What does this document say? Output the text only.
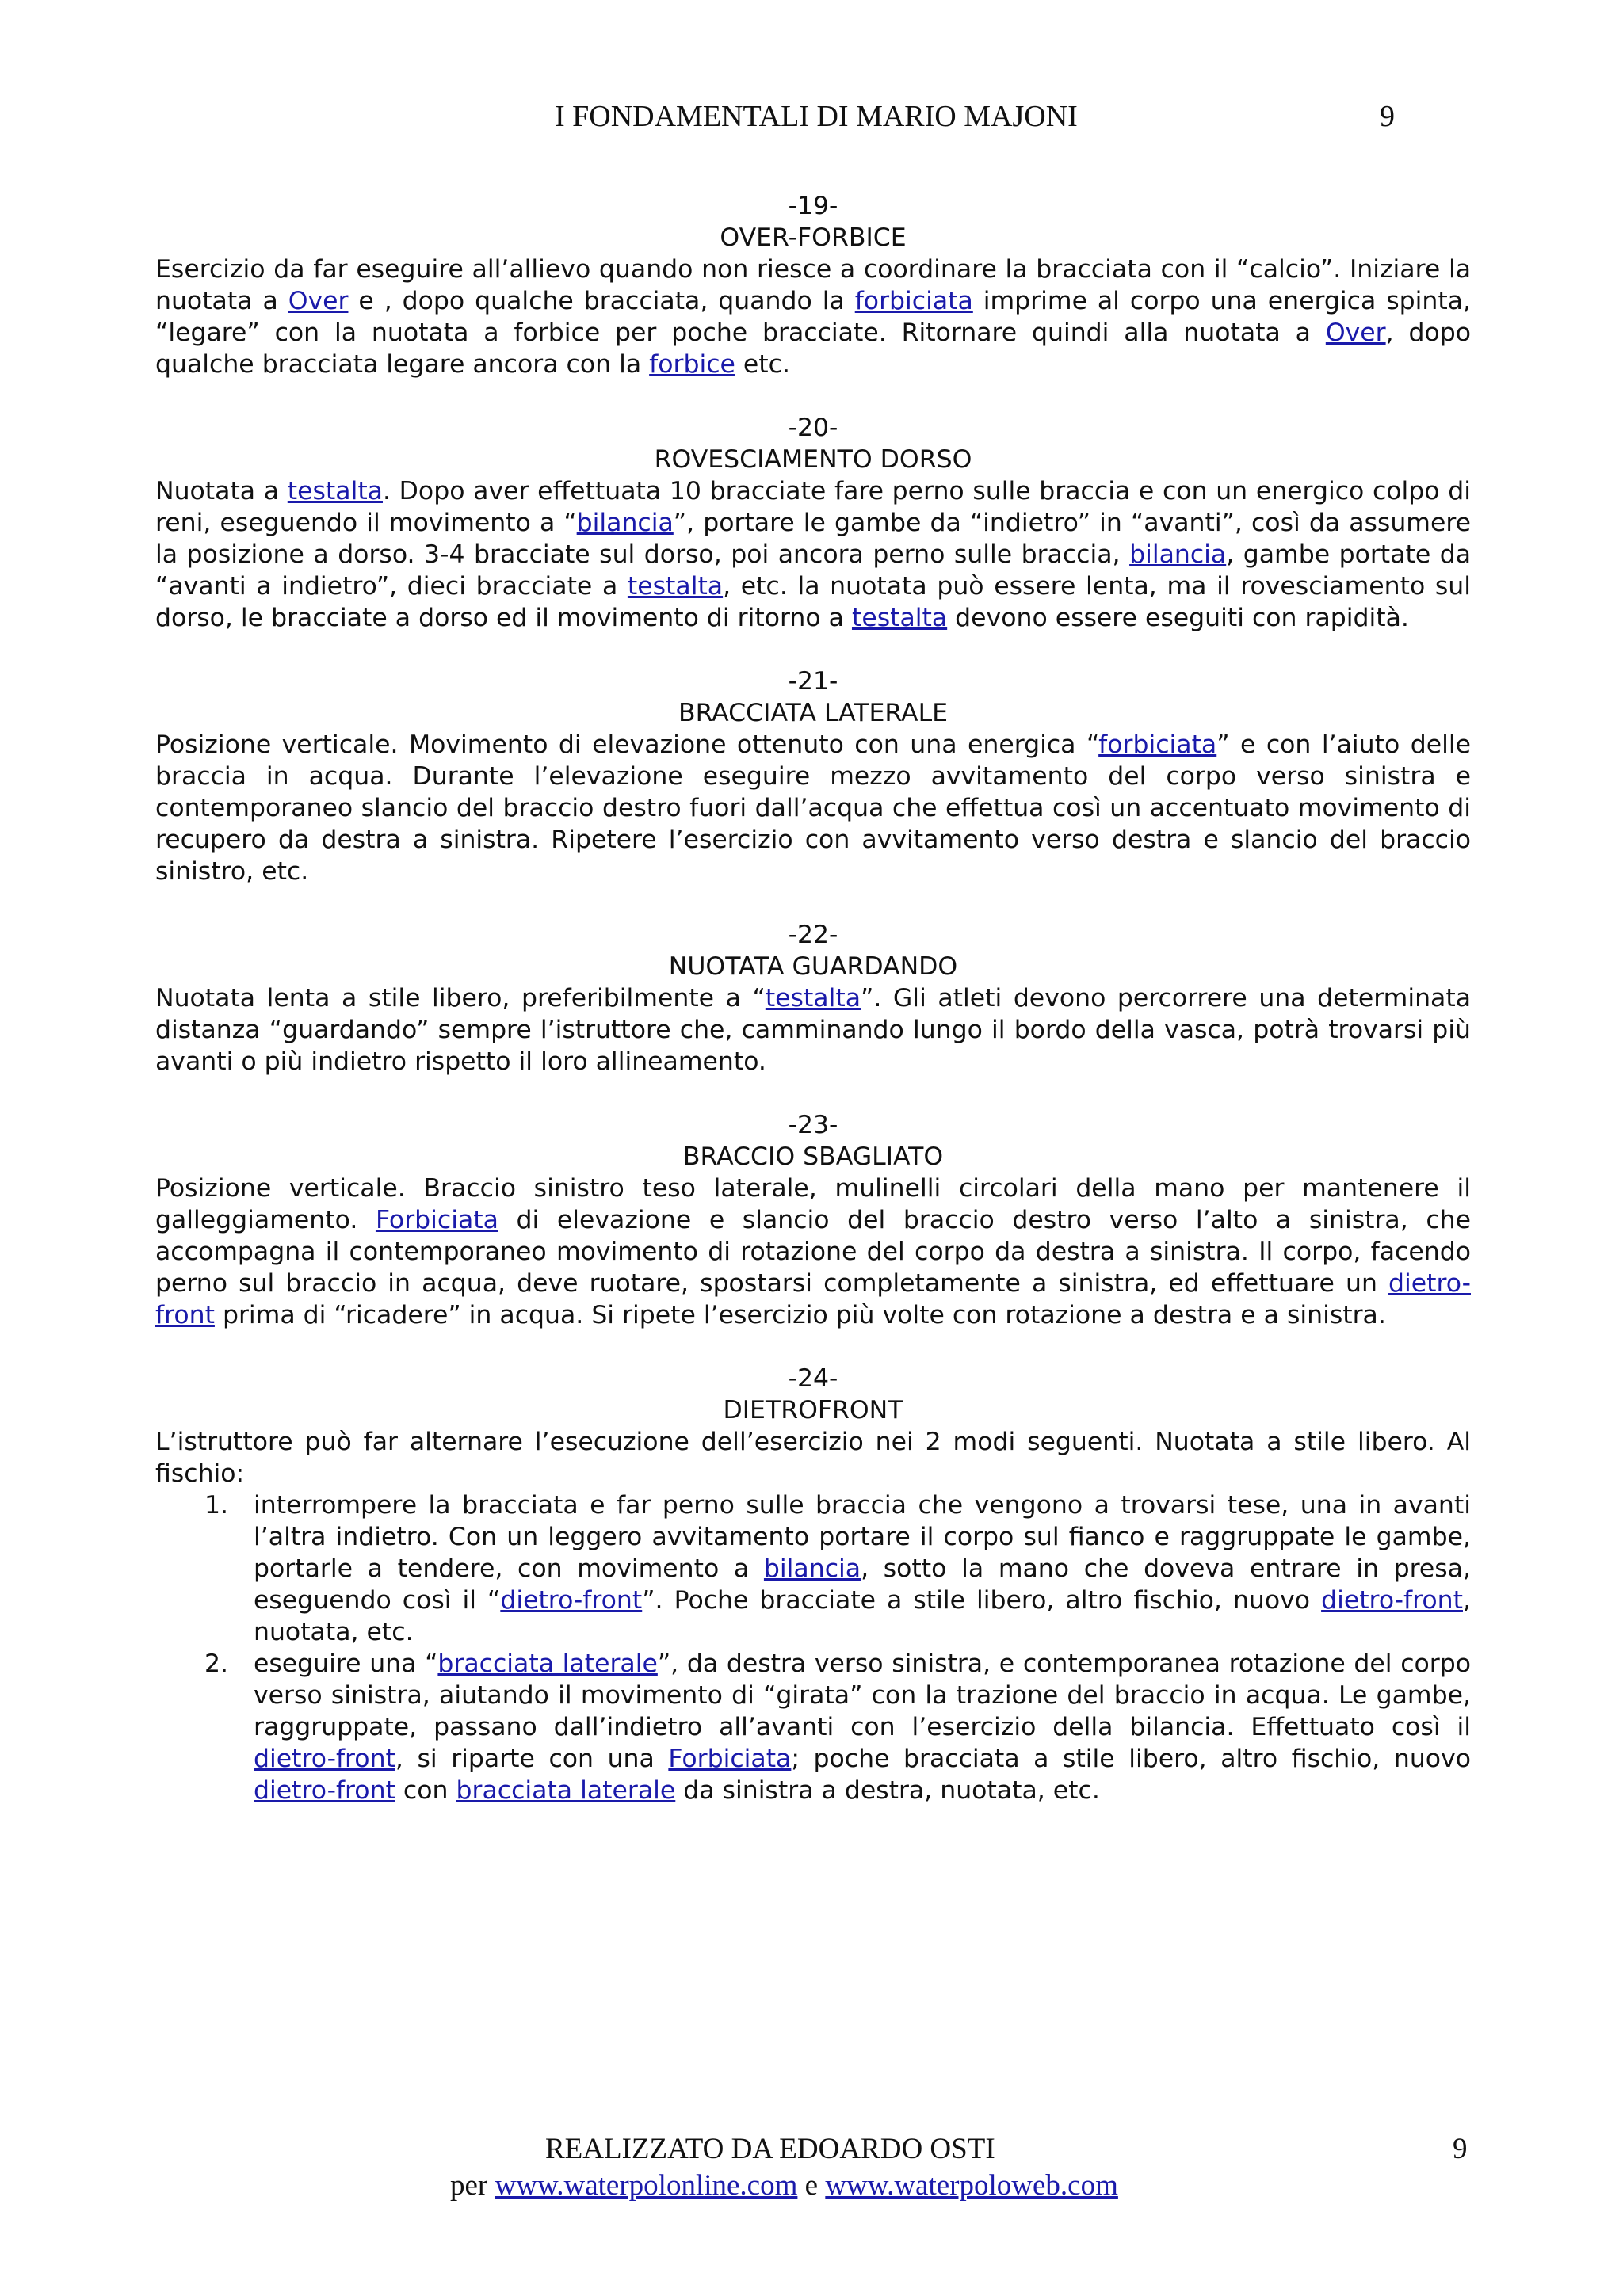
I FONDAMENTALI DI MARIO MAJONI	9

-19-

OVER-FORBICE

Esercizio da far eseguire all’allievo quando non riesce a coordinare la bracciata con il “calcio”. Iniziare la nuotata a Over e , dopo qualche bracciata, quando la forbiciata imprime al corpo una energica spinta, “legare” con la nuotata a forbice per poche bracciate. Ritornare quindi alla nuotata a Over, dopo qualche bracciata legare ancora con la forbice etc.

-20-

ROVESCIAMENTO DORSO

Nuotata a testalta. Dopo aver effettuata 10 bracciate fare perno sulle braccia e con un energico colpo di reni, eseguendo il movimento a “bilancia”, portare le gambe da “indietro” in “avanti”, così da assumere la posizione a dorso. 3-4 bracciate sul dorso, poi ancora perno sulle braccia, bilancia, gambe portate da “avanti a indietro”, dieci bracciate a testalta, etc. la nuotata può essere lenta, ma il rovesciamento sul dorso, le bracciate a dorso ed il movimento di ritorno a testalta devono essere eseguiti con rapidità.

-21-

BRACCIATA LATERALE

Posizione verticale. Movimento di elevazione ottenuto con una energica “forbiciata” e con l’aiuto delle braccia in acqua. Durante l’elevazione eseguire mezzo avvitamento del corpo verso sinistra e contemporaneo slancio del braccio destro fuori dall’acqua che effettua così un accentuato movimento di recupero da destra a sinistra. Ripetere l’esercizio con avvitamento verso destra e slancio del braccio sinistro, etc.

-22-

NUOTATA GUARDANDO

Nuotata lenta a stile libero, preferibilmente a “testalta”. Gli atleti devono percorrere una determinata distanza “guardando” sempre l’istruttore che, camminando lungo il bordo della vasca, potrà trovarsi più avanti o più indietro rispetto il loro allineamento.

-23-

BRACCIO SBAGLIATO

Posizione verticale. Braccio sinistro teso laterale, mulinelli circolari della mano per mantenere il galleggiamento. Forbiciata di elevazione e slancio del braccio destro verso l’alto a sinistra, che accompagna il contemporaneo movimento di rotazione del corpo da destra a sinistra. Il corpo, facendo perno sul braccio in acqua, deve ruotare, spostarsi completamente a sinistra, ed effettuare un dietro-front prima di “ricadere” in acqua. Si ripete l’esercizio più volte con rotazione a destra e a sinistra.

-24-

DIETROFRONT

L’istruttore può far alternare l’esecuzione dell’esercizio nei 2 modi seguenti. Nuotata a stile libero. Al fischio:

1. interrompere la bracciata e far perno sulle braccia che vengono a trovarsi tese, una in avanti l’altra indietro. Con un leggero avvitamento portare il corpo sul fianco e raggruppate le gambe, portarle a tendere, con movimento a bilancia, sotto la mano che doveva entrare in presa, eseguendo così il “dietro-front”. Poche bracciate a stile libero, altro fischio, nuovo dietro-front, nuotata, etc.
2. eseguire una “bracciata laterale”, da destra verso sinistra, e contemporanea rotazione del corpo verso sinistra, aiutando il movimento di “girata” con la trazione del braccio in acqua. Le gambe, raggruppate, passano dall’indietro all’avanti con l’esercizio della bilancia. Effettuato così il dietro-front, si riparte con una Forbiciata; poche bracciata a stile libero, altro fischio, nuovo dietro-front con bracciata laterale da sinistra a destra, nuotata, etc.
REALIZZATO DA EDOARDO OSTI	9
per www.waterpolonline.com e www.waterpoloweb.com
